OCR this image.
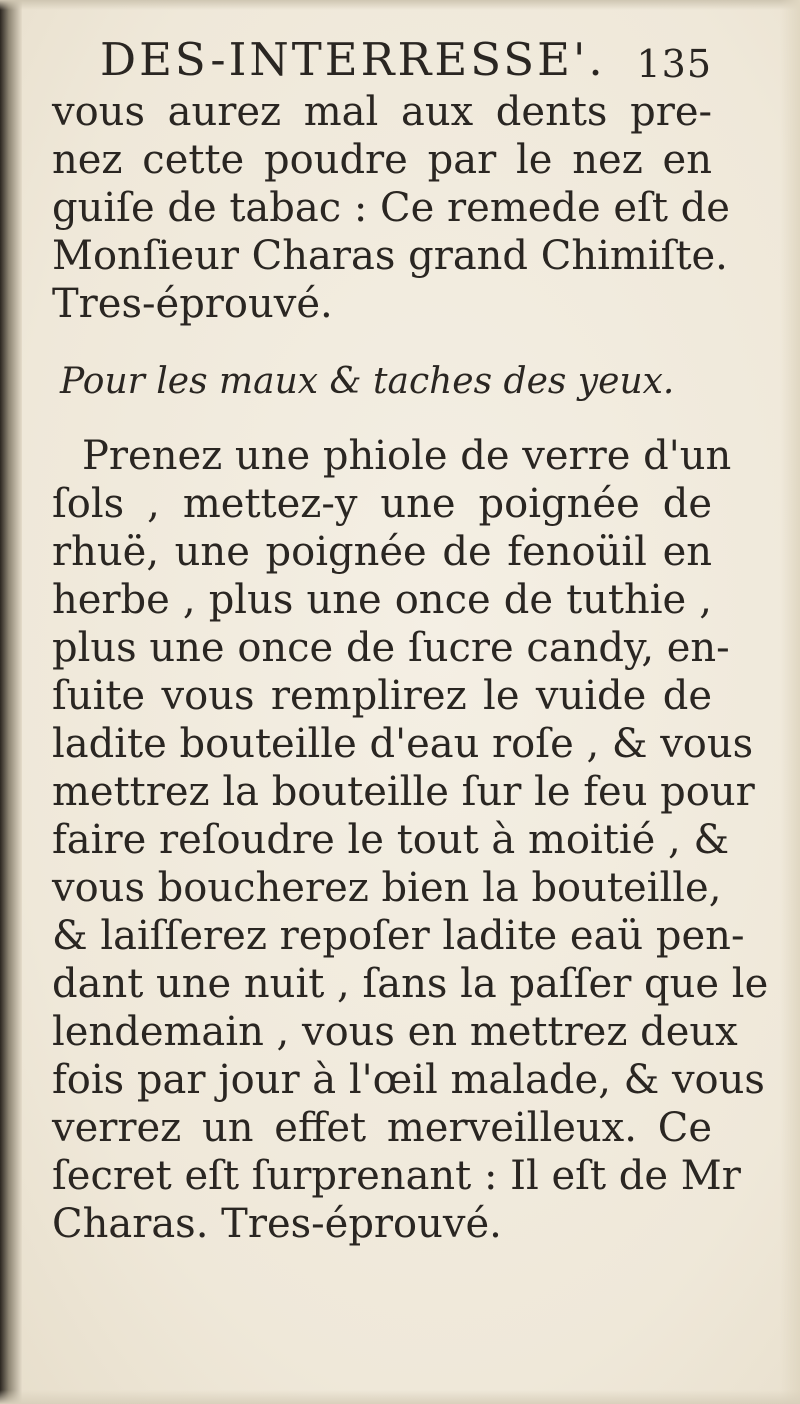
DES-INTERRESSE'. 135
vous aurez mal aux dents pre-
nez cette poudre par le nez en
guiſe de tabac : Ce remede eſt de
Monſieur Charas grand Chimiſte.
Tres-éprouvé.
Pour les maux & taches des yeux.
Prenez une phiole de verre d'un
ſols , mettez-y une poignée de
rhuë, une poignée de fenoüil en
herbe , plus une once de tuthie ,
plus une once de ſucre candy, en-
ſuite vous remplirez le vuide de
ladite bouteille d'eau roſe , & vous
mettrez la bouteille ſur le feu pour
faire reſoudre le tout à moitié , &
vous boucherez bien la bouteille,
& laiſſerez repoſer ladite eaü pen-
dant une nuit , ſans la paſſer que le
lendemain , vous en mettrez deux
fois par jour à l'œil malade, & vous
verrez un effet merveilleux. Ce
ſecret eſt ſurprenant : Il eſt de Mr
Charas. Tres-éprouvé.
